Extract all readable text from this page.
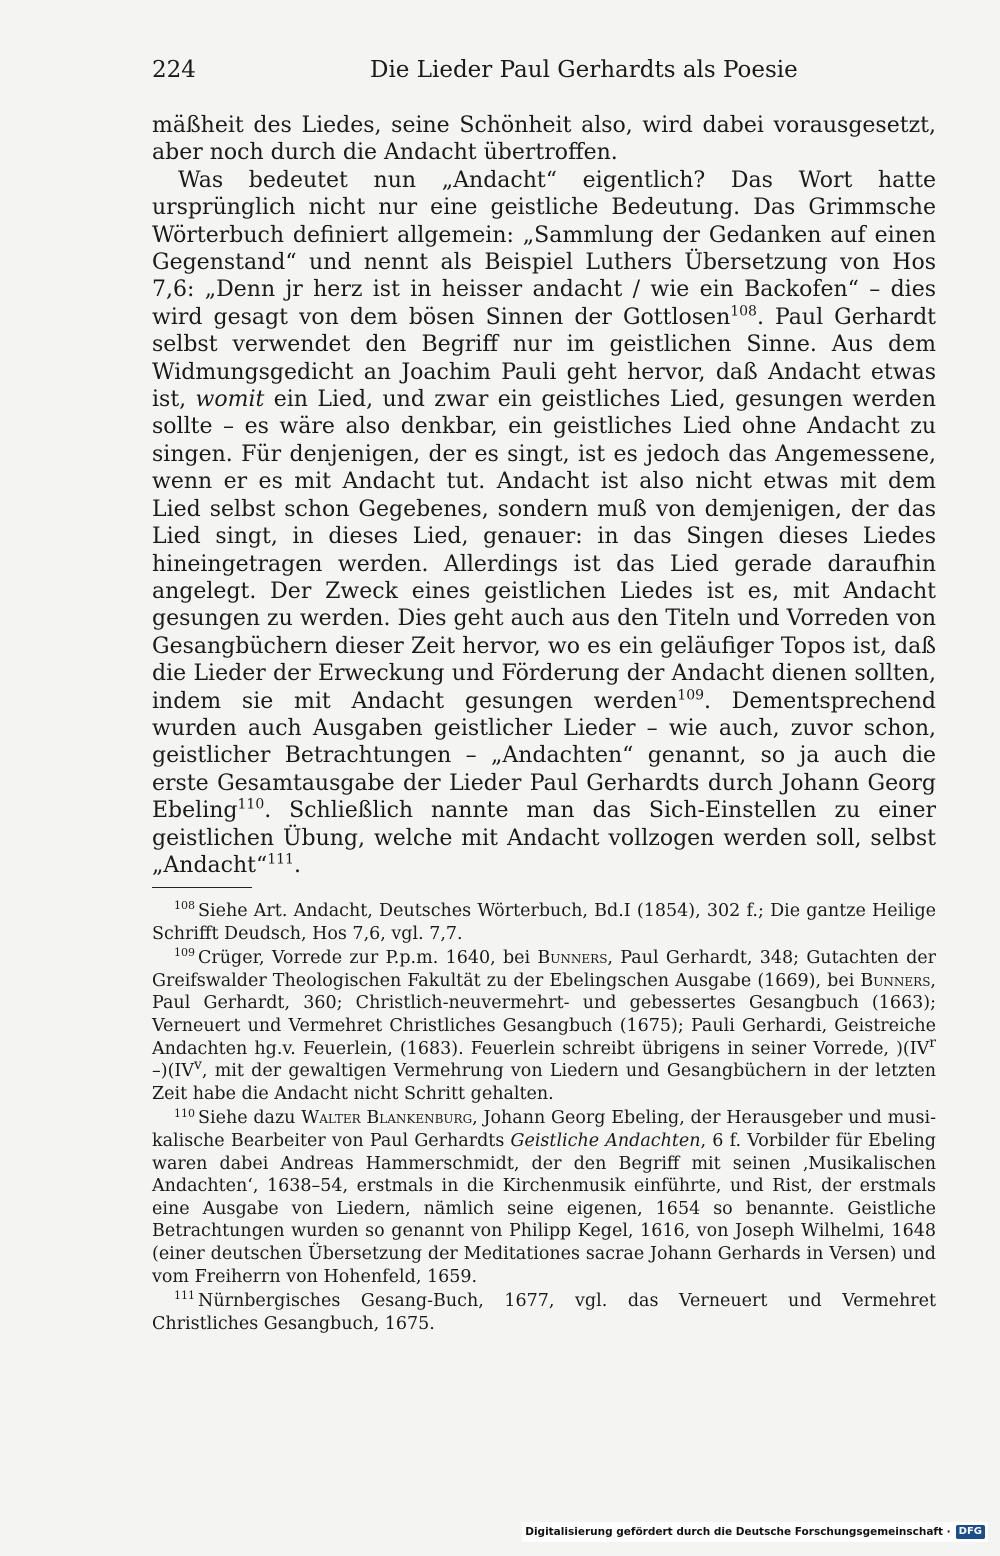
224	Die Lieder Paul Gerhardts als Poesie

mäßheit des Liedes, seine Schönheit also, wird dabei vorausgesetzt, aber noch durch die Andacht übertroffen.

Was bedeutet nun „Andacht“ eigentlich? Das Wort hatte ursprünglich nicht nur eine geistliche Bedeutung. Das Grimmsche Wörterbuch definiert allgemein: „Sammlung der Gedanken auf einen Gegenstand“ und nennt als Beispiel Luthers Übersetzung von Hos 7,6: „Denn jr herz ist in heisser andacht / wie ein Backofen“ – dies wird gesagt von dem bösen Sinnen der Gottlosen$^{108}$. Paul Gerhardt selbst verwendet den Begriff nur im geistlichen Sinne. Aus dem Widmungsgedicht an Joachim Pauli geht hervor, daß Andacht etwas ist, womit ein Lied, und zwar ein geistliches Lied, gesungen werden sollte – es wäre also denkbar, ein geistliches Lied ohne Andacht zu singen. Für denjenigen, der es singt, ist es jedoch das Angemessene, wenn er es mit Andacht tut. Andacht ist also nicht etwas mit dem Lied selbst schon Gegebenes, sondern muß von demjenigen, der das Lied singt, in dieses Lied, genauer: in das Singen dieses Liedes hineingetragen werden. Allerdings ist das Lied gerade daraufhin angelegt. Der Zweck eines geistlichen Liedes ist es, mit Andacht gesungen zu werden. Dies geht auch aus den Titeln und Vorreden von Gesangbüchern dieser Zeit hervor, wo es ein geläufiger Topos ist, daß die Lieder der Erweckung und Förderung der Andacht dienen sollten, indem sie mit Andacht gesungen werden$^{109}$. Dementsprechend wurden auch Ausgaben geistlicher Lieder – wie auch, zuvor schon, geistlicher Betrachtungen – „Andachten“ genannt, so ja auch die erste Gesamtausgabe der Lieder Paul Gerhardts durch Johann Georg Ebeling$^{110}$. Schließlich nannte man das Sich-Einstellen zu einer geistlichen Übung, welche mit Andacht vollzogen werden soll, selbst „Andacht“$^{111}$.

$^{108}$ Siehe Art. Andacht, Deutsches Wörterbuch, Bd.I (1854), 302 f.; Die gantze Heilige Schrifft Deudsch, Hos 7,6, vgl. 7,7.

$^{109}$ Crüger, Vorrede zur P.p.m. 1640, bei Bunners, Paul Gerhardt, 348; Gutachten der Greifswalder Theologischen Fakultät zu der Ebelingschen Ausgabe (1669), bei Bunners, Paul Gerhardt, 360; Christlich-neuvermehrt- und gebessertes Gesangbuch (1663); Verneuert und Vermehret Christliches Gesangbuch (1675); Pauli Gerhardi, Geistreiche Andachten hg.v. Feuerlein, (1683). Feuerlein schreibt übrigens in seiner Vorrede, )($IV^r$ $-)(IV^v$, mit der gewaltigen Vermehrung von Liedern und Gesangbüchern in der letzten Zeit habe die Andacht nicht Schritt gehalten.

$^{110}$ Siehe dazu Walter Blankenburg, Johann Georg Ebeling, der Herausgeber und musikalische Bearbeiter von Paul Gerhardts Geistliche Andachten, 6 f. Vorbilder für Ebeling waren dabei Andreas Hammerschmidt, der den Begriff mit seinen ‚Musikalischen Andachten‘, 1638–54, erstmals in die Kirchenmusik einführte, und Rist, der erstmals eine Ausgabe von Liedern, nämlich seine eigenen, 1654 so benannte. Geistliche Betrachtungen wurden so genannt von Philipp Kegel, 1616, von Joseph Wilhelmi, 1648 (einer deutschen Übersetzung der Meditationes sacrae Johann Gerhards in Versen) und vom Freiherrn von Hohenfeld, 1659.

$^{111}$ Nürnbergisches Gesang-Buch, 1677, vgl. das Verneuert und Vermehret Christliches Gesangbuch, 1675.

Digitalisierung gefördert durch die Deutsche Forschungsgemeinschaft · DFG
